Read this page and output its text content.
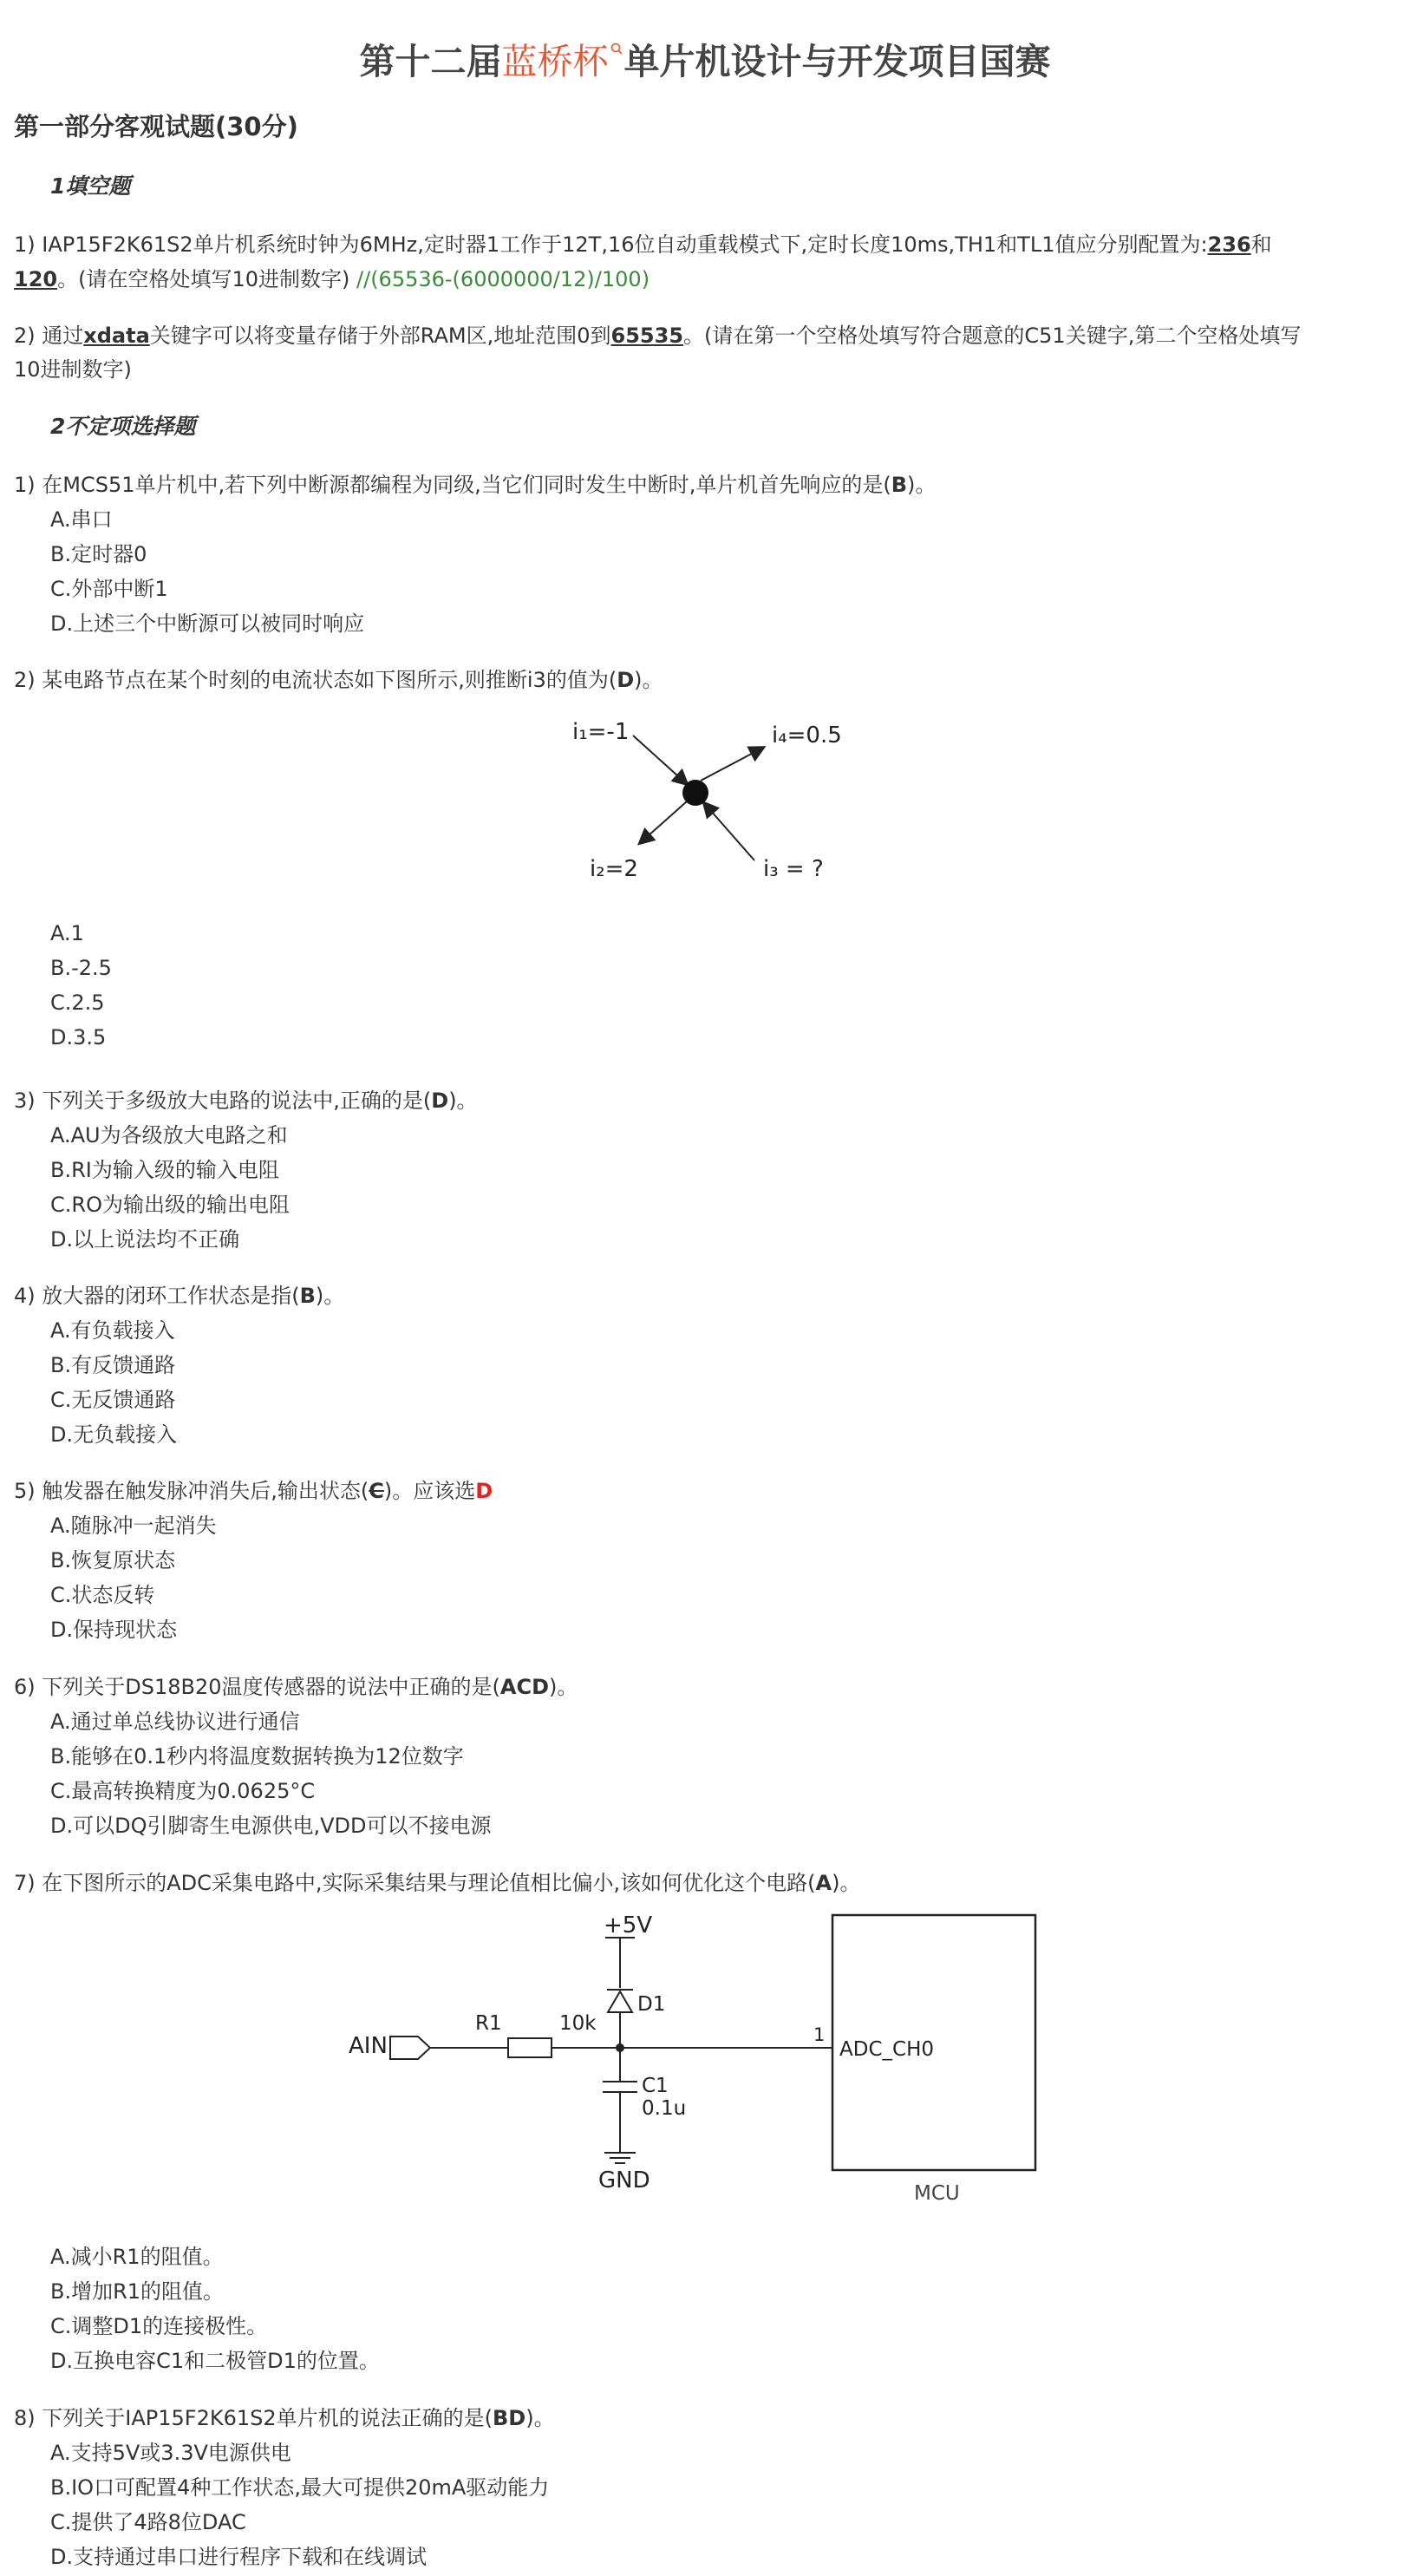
第十二届蓝桥杯 单片机设计与开发项目国赛
第一部分客观试题(30分)
1填空题
1) IAP15F2K61S2单片机系统时钟为6MHz,定时器1工作于12T,16位自动重载模式下,定时长度10ms,TH1和TL1值应分别配置为:236和
120。(请在空格处填写10进制数字) //(65536-(6000000/12)/100)
2) 通过xdata关键字可以将变量存储于外部RAM区,地址范围0到65535。(请在第一个空格处填写符合题意的C51关键字,第二个空格处填写
10进制数字)
2不定项选择题
1) 在MCS51单片机中,若下列中断源都编程为同级,当它们同时发生中断时,单片机首先响应的是(B)。
A.串口
B.定时器0
C.外部中断1
D.上述三个中断源可以被同时响应
2) 某电路节点在某个时刻的电流状态如下图所示,则推断i3的值为(D)。
i₁=-1	i₄=0.5
i₂=2	i₃ = ?
A.1
B.-2.5
C.2.5
D.3.5
3) 下列关于多级放大电路的说法中,正确的是(D)。
A.AU为各级放大电路之和
B.RI为输入级的输入电阻
C.RO为输出级的输出电阻
D.以上说法均不正确
4) 放大器的闭环工作状态是指(B)。
A.有负载接入
B.有反馈通路
C.无反馈通路
D.无负载接入
5) 触发器在触发脉冲消失后,输出状态(C)。应该选D
A.随脉冲一起消失
B.恢复原状态
C.状态反转
D.保持现状态
6) 下列关于DS18B20温度传感器的说法中正确的是(ACD)。
A.通过单总线协议进行通信
B.能够在0.1秒内将温度数据转换为12位数字
C.最高转换精度为0.0625°C
D.可以DQ引脚寄生电源供电,VDD可以不接电源
7) 在下图所示的ADC采集电路中,实际采集结果与理论值相比偏小,该如何优化这个电路(A)。
+5V
D1
AIN
R1	10k
C1
0.1u
GND
1
ADC_CH0
MCU
A.减小R1的阻值。
B.增加R1的阻值。
C.调整D1的连接极性。
D.互换电容C1和二极管D1的位置。
8) 下列关于IAP15F2K61S2单片机的说法正确的是(BD)。
A.支持5V或3.3V电源供电
B.IO口可配置4种工作状态,最大可提供20mA驱动能力
C.提供了4路8位DAC
D.支持通过串口进行程序下载和在线调试
